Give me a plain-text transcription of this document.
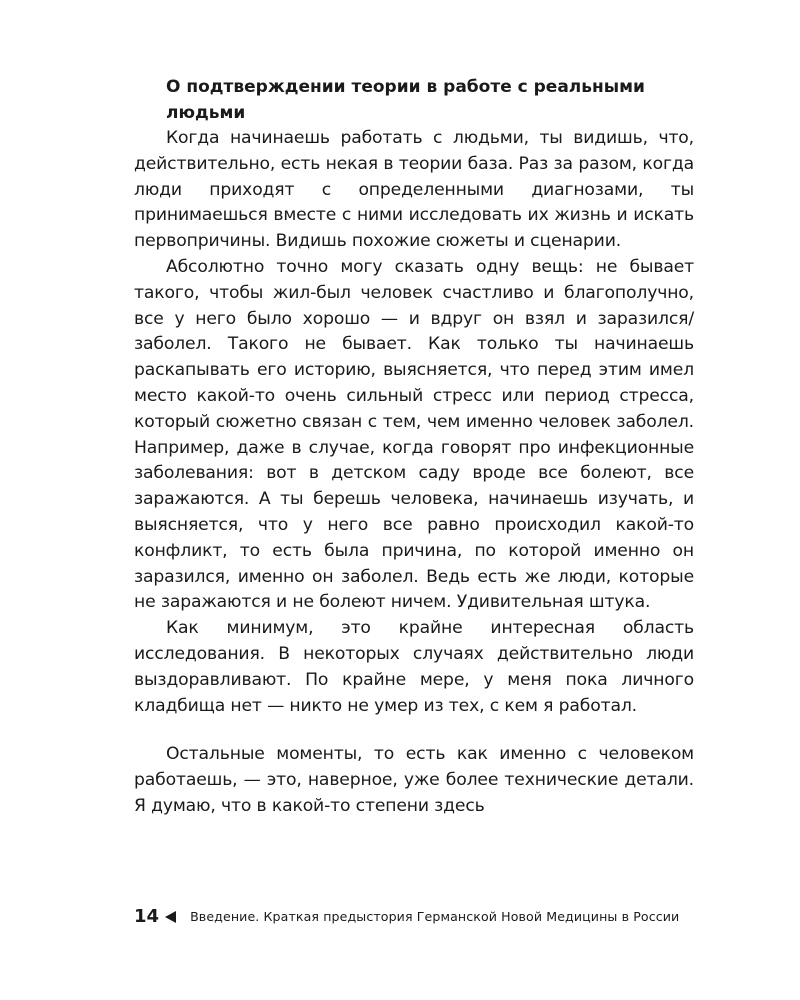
О подтверждении теории в работе с реальными людьми

Когда начинаешь работать с людьми, ты видишь, что, действительно, есть некая в теории база. Раз за разом, когда люди приходят с определенными диагнозами, ты принимаешься вместе с ними исследовать их жизнь и искать первопричины. Видишь похожие сюжеты и сценарии.

Абсолютно точно могу сказать одну вещь: не бывает такого, чтобы жил-был человек счастливо и благополучно, все у него было хорошо — и вдруг он взял и заразился/заболел. Такого не бывает. Как только ты начинаешь раскапывать его историю, выясняется, что перед этим имел место какой-то очень сильный стресс или период стресса, который сюжетно связан с тем, чем именно человек заболел. Например, даже в случае, когда говорят про инфекционные заболевания: вот в детском саду вроде все болеют, все заражаются. А ты берешь человека, начинаешь изучать, и выясняется, что у него все равно происходил какой-то конфликт, то есть была причина, по которой именно он заразился, именно он заболел. Ведь есть же люди, которые не заражаются и не болеют ничем. Удивительная штука.

Как минимум, это крайне интересная область исследования. В некоторых случаях действительно люди выздоравливают. По крайне мере, у меня пока личного кладбища нет — никто не умер из тех, с кем я работал.

Остальные моменты, то есть как именно с человеком работаешь, — это, наверное, уже более технические детали. Я думаю, что в какой-то степени здесь

14 Введение. Краткая предыстория Германской Новой Медицины в России
